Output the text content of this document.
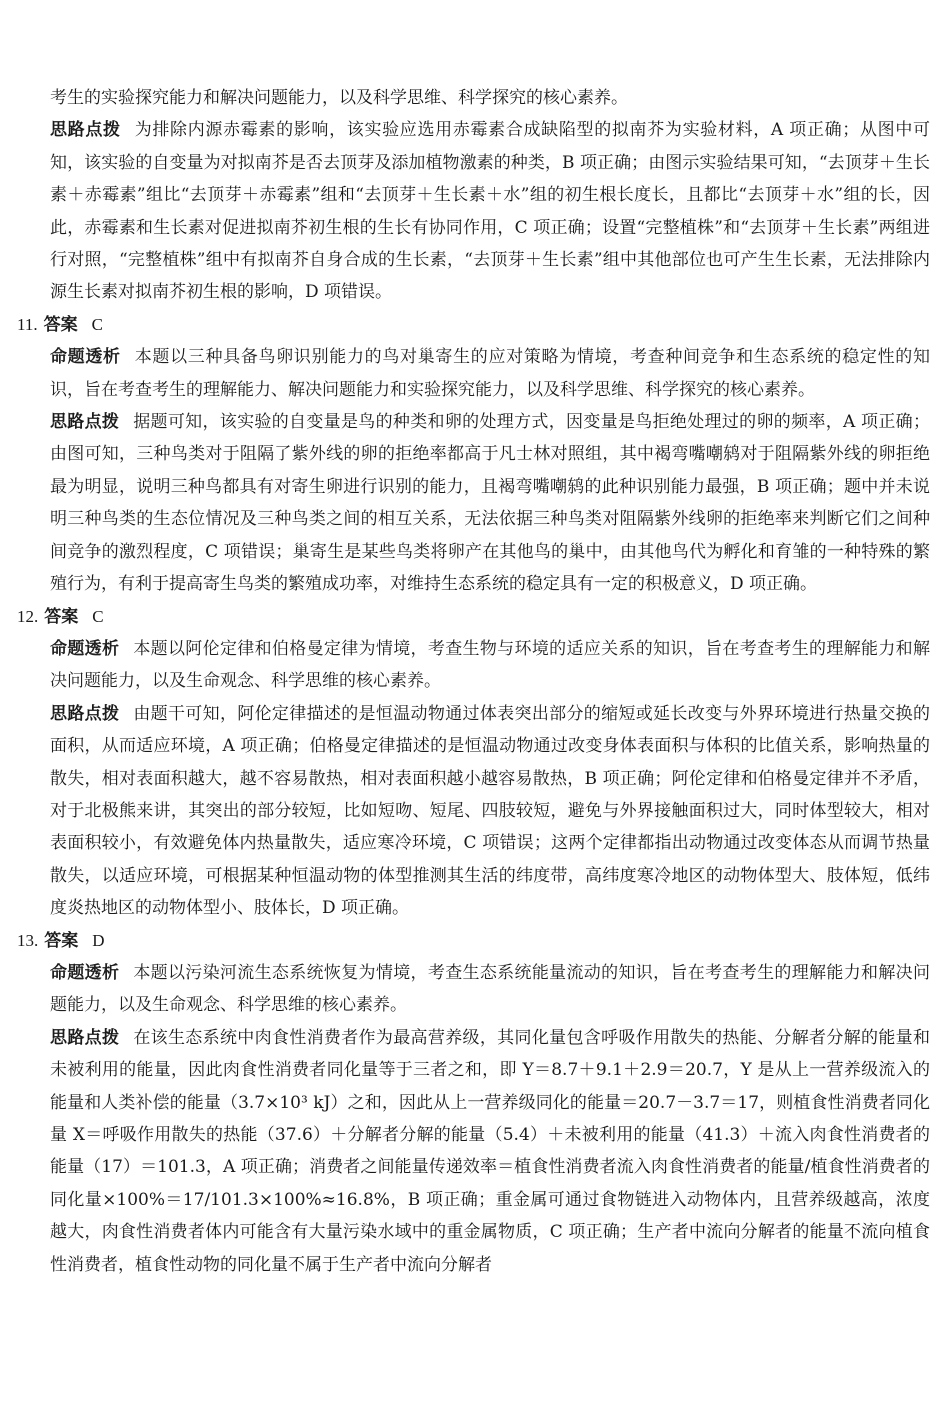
考生的实验探究能力和解决问题能力，以及科学思维、科学探究的核心素养。

思路点拨 为排除内源赤霉素的影响，该实验应选用赤霉素合成缺陷型的拟南芥为实验材料，A 项正确；从图中可知，该实验的自变量为对拟南芥是否去顶芽及添加植物激素的种类，B 项正确；由图示实验结果可知，“去顶芽＋生长素＋赤霉素”组比“去顶芽＋赤霉素”组和“去顶芽＋生长素＋水”组的初生根长度长，且都比“去顶芽＋水”组的长，因此，赤霉素和生长素对促进拟南芥初生根的生长有协同作用，C 项正确；设置“完整植株”和“去顶芽＋生长素”两组进行对照，“完整植株”组中有拟南芥自身合成的生长素，“去顶芽＋生长素”组中其他部位也可产生生长素，无法排除内源生长素对拟南芥初生根的影响，D 项错误。

11. 答案 C

命题透析 本题以三种具备鸟卵识别能力的鸟对巢寄生的应对策略为情境，考查种间竞争和生态系统的稳定性的知识，旨在考查考生的理解能力、解决问题能力和实验探究能力，以及科学思维、科学探究的核心素养。

思路点拨 据题可知，该实验的自变量是鸟的种类和卵的处理方式，因变量是鸟拒绝处理过的卵的频率，A 项正确；由图可知，三种鸟类对于阻隔了紫外线的卵的拒绝率都高于凡士林对照组，其中褐弯嘴嘲鸫对于阻隔紫外线的卵拒绝最为明显，说明三种鸟都具有对寄生卵进行识别的能力，且褐弯嘴嘲鸫的此种识别能力最强，B 项正确；题中并未说明三种鸟类的生态位情况及三种鸟类之间的相互关系，无法依据三种鸟类对阻隔紫外线卵的拒绝率来判断它们之间种间竞争的激烈程度，C 项错误；巢寄生是某些鸟类将卵产在其他鸟的巢中，由其他鸟代为孵化和育雏的一种特殊的繁殖行为，有利于提高寄生鸟类的繁殖成功率，对维持生态系统的稳定具有一定的积极意义，D 项正确。

12. 答案 C

命题透析 本题以阿伦定律和伯格曼定律为情境，考查生物与环境的适应关系的知识，旨在考查考生的理解能力和解决问题能力，以及生命观念、科学思维的核心素养。

思路点拨 由题干可知，阿伦定律描述的是恒温动物通过体表突出部分的缩短或延长改变与外界环境进行热量交换的面积，从而适应环境，A 项正确；伯格曼定律描述的是恒温动物通过改变身体表面积与体积的比值关系，影响热量的散失，相对表面积越大，越不容易散热，相对表面积越小越容易散热，B 项正确；阿伦定律和伯格曼定律并不矛盾，对于北极熊来讲，其突出的部分较短，比如短吻、短尾、四肢较短，避免与外界接触面积过大，同时体型较大，相对表面积较小，有效避免体内热量散失，适应寒冷环境，C 项错误；这两个定律都指出动物通过改变体态从而调节热量散失，以适应环境，可根据某种恒温动物的体型推测其生活的纬度带，高纬度寒冷地区的动物体型大、肢体短，低纬度炎热地区的动物体型小、肢体长，D 项正确。

13. 答案 D

命题透析 本题以污染河流生态系统恢复为情境，考查生态系统能量流动的知识，旨在考查考生的理解能力和解决问题能力，以及生命观念、科学思维的核心素养。

思路点拨 在该生态系统中肉食性消费者作为最高营养级，其同化量包含呼吸作用散失的热能、分解者分解的能量和未被利用的能量，因此肉食性消费者同化量等于三者之和，即 Y＝8.7＋9.1＋2.9＝20.7，Y 是从上一营养级流入的能量和人类补偿的能量（3.7×10³ kJ）之和，因此从上一营养级同化的能量＝20.7－3.7＝17，则植食性消费者同化量 X＝呼吸作用散失的热能（37.6）＋分解者分解的能量（5.4）＋未被利用的能量（41.3）＋流入肉食性消费者的能量（17）＝101.3，A 项正确；消费者之间能量传递效率＝植食性消费者流入肉食性消费者的能量/植食性消费者的同化量×100%＝17/101.3×100%≈16.8%，B 项正确；重金属可通过食物链进入动物体内，且营养级越高，浓度越大，肉食性消费者体内可能含有大量污染水域中的重金属物质，C 项正确；生产者中流向分解者的能量不流向植食性消费者，植食性动物的同化量不属于生产者中流向分解者
